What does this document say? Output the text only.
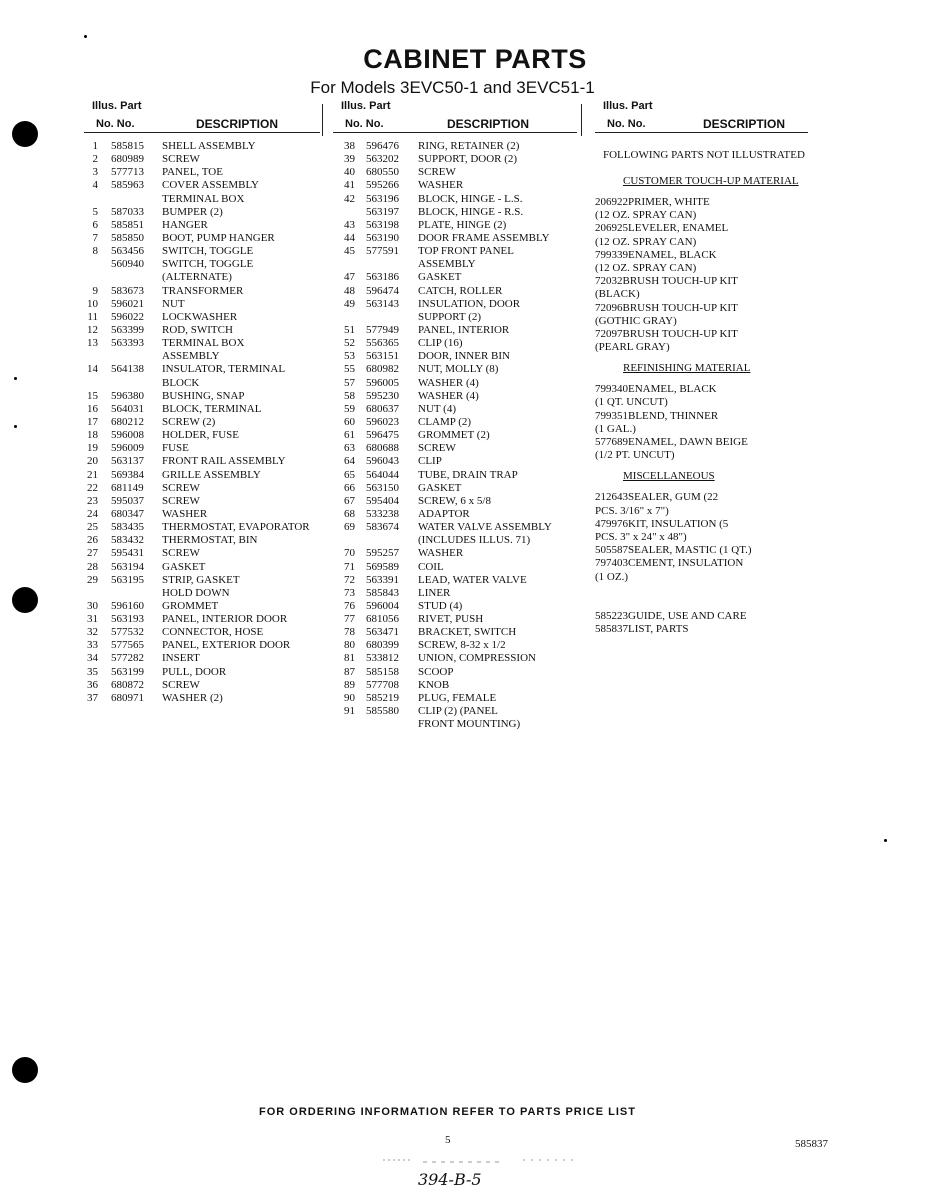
CABINET PARTS
For Models 3EVC50-1 and 3EVC51-1
Illus. Part
No. No.	DESCRIPTION
1 585815 SHELL ASSEMBLY
2 680989 SCREW
3 577713 PANEL, TOE
4 585963 COVER ASSEMBLY
TERMINAL BOX
5 587033 BUMPER (2)
6 585851 HANGER
7 585850 BOOT, PUMP HANGER
8 563456 SWITCH, TOGGLE
560940 SWITCH, TOGGLE
(ALTERNATE)
9 583673 TRANSFORMER
10 596021 NUT
11 596022 LOCKWASHER
12 563399 ROD, SWITCH
13 563393 TERMINAL BOX
ASSEMBLY
14 564138 INSULATOR, TERMINAL
BLOCK
15 596380 BUSHING, SNAP
16 564031 BLOCK, TERMINAL
17 680212 SCREW (2)
18 596008 HOLDER, FUSE
19 596009 FUSE
20 563137 FRONT RAIL ASSEMBLY
21 569384 GRILLE ASSEMBLY
22 681149 SCREW
23 595037 SCREW
24 680347 WASHER
25 583435 THERMOSTAT, EVAPORATOR
26 583432 THERMOSTAT, BIN
27 595431 SCREW
28 563194 GASKET
29 563195 STRIP, GASKET
HOLD DOWN
30 596160 GROMMET
31 563193 PANEL, INTERIOR DOOR
32 577532 CONNECTOR, HOSE
33 577565 PANEL, EXTERIOR DOOR
34 577282 INSERT
35 563199 PULL, DOOR
36 680872 SCREW
37 680971 WASHER (2)
Illus. Part
No. No.	DESCRIPTION
38 596476 RING, RETAINER (2)
39 563202 SUPPORT, DOOR (2)
40 680550 SCREW
41 595266 WASHER
42 563196 BLOCK, HINGE - L.S.
563197 BLOCK, HINGE - R.S.
43 563198 PLATE, HINGE (2)
44 563190 DOOR FRAME ASSEMBLY
45 577591 TOP FRONT PANEL
ASSEMBLY
47 563186 GASKET
48 596474 CATCH, ROLLER
49 563143 INSULATION, DOOR
SUPPORT (2)
51 577949 PANEL, INTERIOR
52 556365 CLIP (16)
53 563151 DOOR, INNER BIN
55 680982 NUT, MOLLY (8)
57 596005 WASHER (4)
58 595230 WASHER (4)
59 680637 NUT (4)
60 596023 CLAMP (2)
61 596475 GROMMET (2)
63 680688 SCREW
64 596043 CLIP
65 564044 TUBE, DRAIN TRAP
66 563150 GASKET
67 595404 SCREW, 6 x 5/8
68 533238 ADAPTOR
69 583674 WATER VALVE ASSEMBLY
(INCLUDES ILLUS. 71)
70 595257 WASHER
71 569589 COIL
72 563391 LEAD, WATER VALVE
73 585843 LINER
76 596004 STUD (4)
77 681056 RIVET, PUSH
78 563471 BRACKET, SWITCH
80 680399 SCREW, 8-32 x 1/2
81 533812 UNION, COMPRESSION
87 585158 SCOOP
89 577708 KNOB
90 585219 PLUG, FEMALE
91 585580 CLIP (2) (PANEL
FRONT MOUNTING)
Illus. Part
No. No.	DESCRIPTION
FOLLOWING PARTS NOT ILLUSTRATED
CUSTOMER TOUCH-UP MATERIAL
206922PRIMER, WHITE
(12 OZ. SPRAY CAN)
206925LEVELER, ENAMEL
(12 OZ. SPRAY CAN)
799339ENAMEL, BLACK
(12 OZ. SPRAY CAN)
72032BRUSH TOUCH-UP KIT
(BLACK)
72096BRUSH TOUCH-UP KIT
(GOTHIC GRAY)
72097BRUSH TOUCH-UP KIT
(PEARL GRAY)
REFINISHING MATERIAL
799340ENAMEL, BLACK
(1 QT. UNCUT)
799351BLEND, THINNER
(1 GAL.)
577689ENAMEL, DAWN BEIGE
(1/2 PT. UNCUT)
MISCELLANEOUS
212643SEALER, GUM (22
PCS. 3/16" x 7")
479976KIT, INSULATION (5
PCS. 3" x 24" x 48")
505587SEALER, MASTIC (1 QT.)
797403CEMENT, INSULATION
(1 OZ.)
585223GUIDE, USE AND CARE
585837LIST, PARTS
FOR ORDERING INFORMATION REFER TO PARTS PRICE LIST
5	585837
394-B-5
